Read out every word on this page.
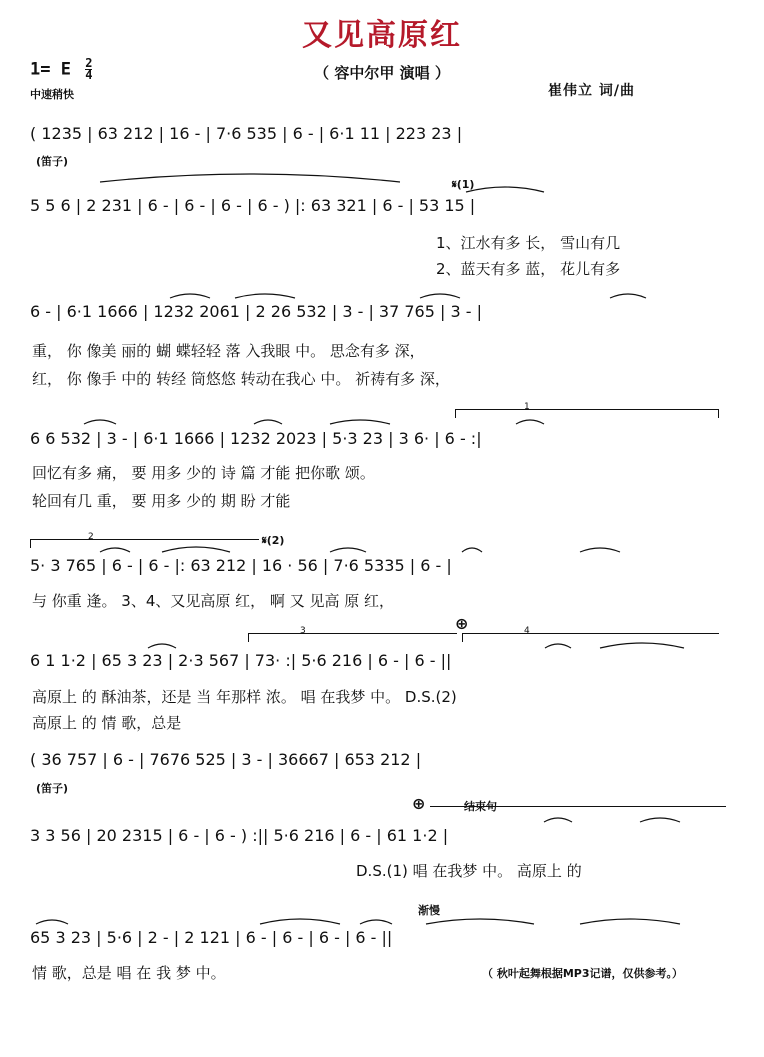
又见高原红
（ 容中尔甲 演唱 ）
1= E $\frac{2}{4}$
中速稍快	崔伟立 词/曲
( 1235 | 63 212 | 16 - | 7·6 535 | 6 - | 6·1 11 | 223 23 |
(笛子)
5 5 6 | 2 231 | 6 - | 6 - | 6 - | 6 - ) |: 63 321 | 6 - | 53 15 |
𝄋(1)
1、江水有多 长， 雪山有几
2、蓝天有多 蓝， 花儿有多
6 - | 6·1 1666 | 1232 2061 | 2 26 532 | 3 - | 37 765 | 3 - |
重， 你 像美 丽的 蝴 蝶轻轻 落 入我眼 中。 思念有多 深，
红， 你 像手 中的 转经 筒悠悠 转动在我心 中。 祈祷有多 深，
1
6 6 532 | 3 - | 6·1 1666 | 1232 2023 | 5·3 23 | 3 6· | 6 - :|
回忆有多 痛， 要 用多 少的 诗 篇 才能 把你歌 颂。
轮回有几 重， 要 用多 少的 期 盼 才能
2	𝄋(2)
5· 3 765 | 6 - | 6 - |: 63 212 | 16 · 56 | 7·6 5335 | 6 - |
与 你重 逢。 3、4、又见高原 红， 啊 又 见高 原 红，
3	4
⊕
6 1 1·2 | 65 3 23 | 2·3 567 | 73· :| 5·6 216 | 6 - | 6 - ||
高原上 的 酥油茶，还是 当 年那样 浓。 唱 在我梦 中。 D.S.(2)
高原上 的 情 歌，总是
( 36 757 | 6 - | 7676 525 | 3 - | 36667 | 653 212 |
(笛子)
⊕	结束句
3 3 56 | 20 2315 | 6 - | 6 - ) :|| 5·6 216 | 6 - | 61 1·2 |
D.S.(1) 唱 在我梦 中。 高原上 的
渐慢
65 3 23 | 5·6 | 2 - | 2 121 | 6 - | 6 - | 6 - | 6 - ||
情 歌，总是 唱 在 我 梦 中。	（ 秋叶起舞根据MP3记谱，仅供参考。）
